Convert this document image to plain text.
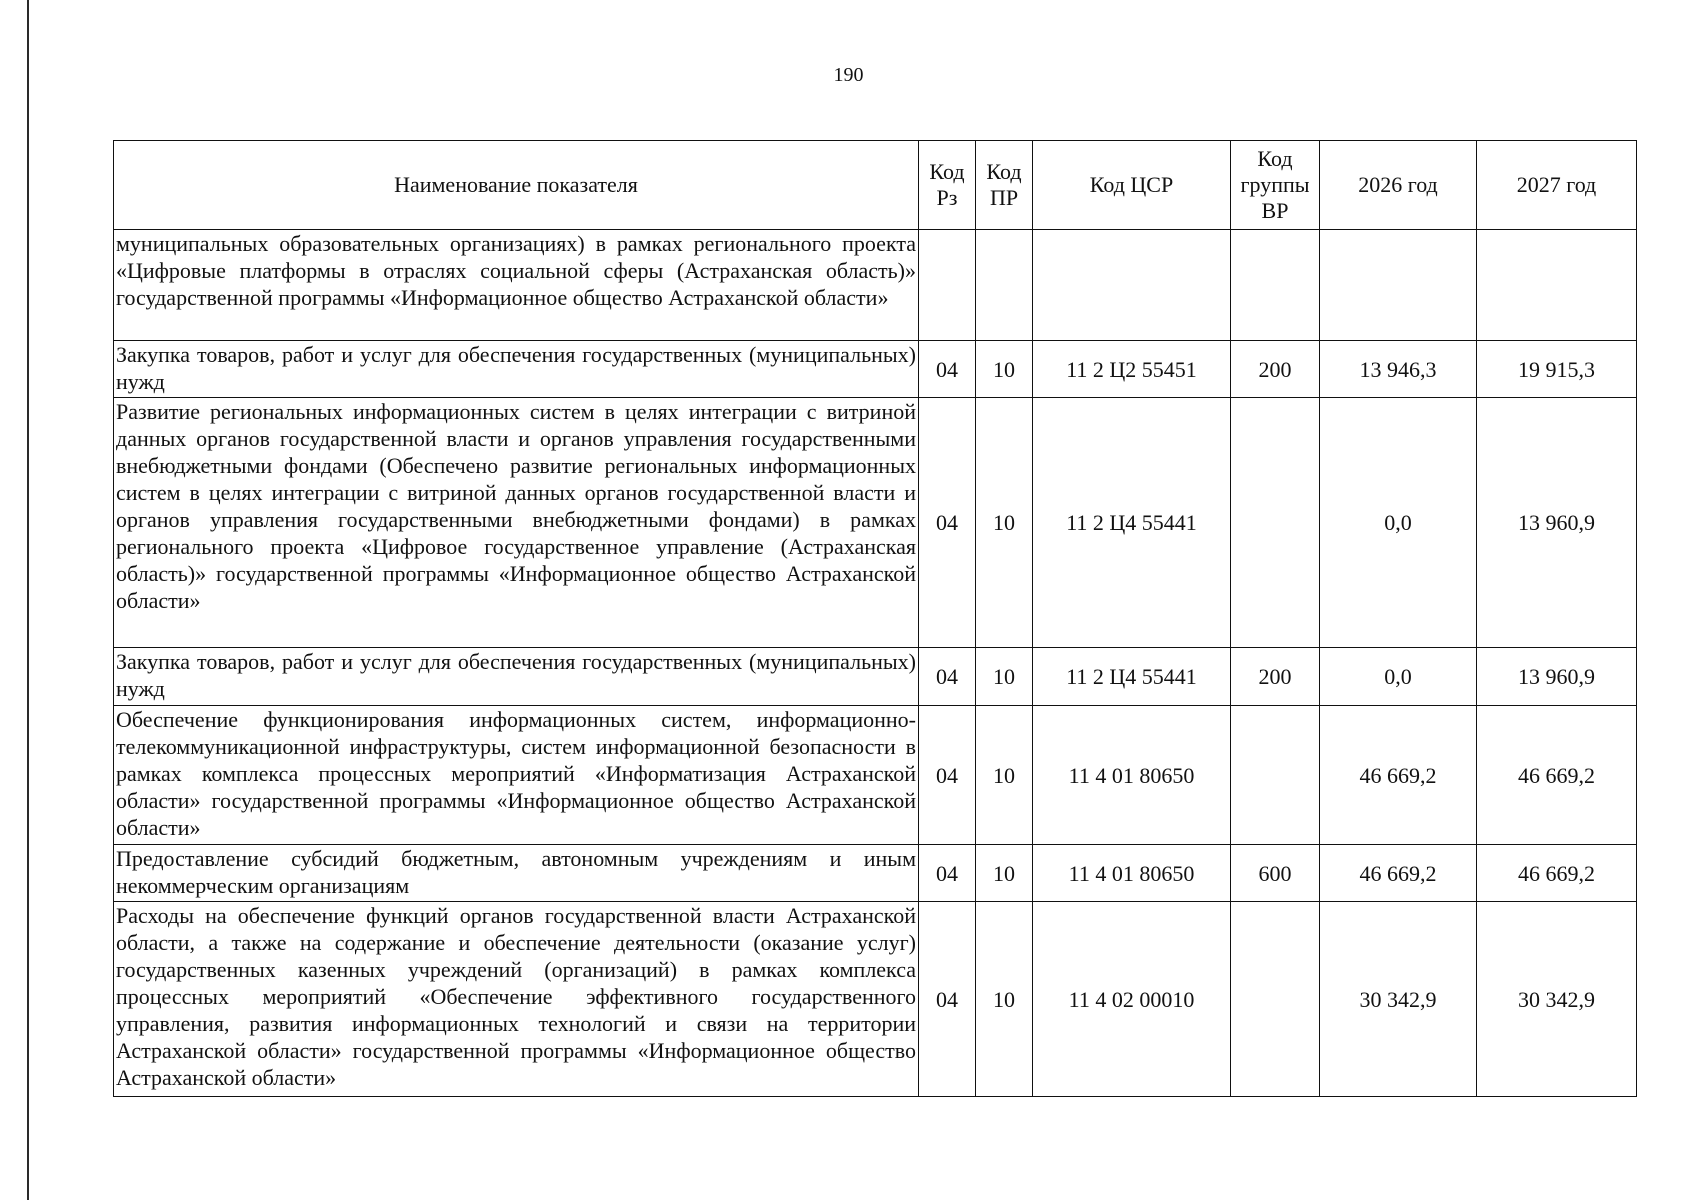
190
Наименование показателя	Код Рз	Код ПР	Код ЦСР	Код группы ВР	2026 год	2027 год
муниципальных образовательных организациях) в рамках регионального проекта «Цифровые платформы в отраслях социальной сферы (Астраханская область)» государственной программы «Информационное общество Астраханской области»						
Закупка товаров, работ и услуг для обеспечения государственных (муниципальных) нужд	04	10	11 2 Ц2 55451	200	13 946,3	19 915,3
Развитие региональных информационных систем в целях интеграции с витриной данных органов государственной власти и органов управления государственными внебюджетными фондами (Обеспечено развитие региональных информационных систем в целях интеграции с витриной данных органов государственной власти и органов управления государственными внебюджетными фондами) в рамках регионального проекта «Цифровое государственное управление (Астраханская область)» государственной программы «Информационное общество Астраханской области»	04	10	11 2 Ц4 55441		0,0	13 960,9
Закупка товаров, работ и услуг для обеспечения государственных (муниципальных) нужд	04	10	11 2 Ц4 55441	200	0,0	13 960,9
Обеспечение функционирования информационных систем, информационно-телекоммуникационной инфраструктуры, систем информационной безопасности в рамках комплекса процессных мероприятий «Информатизация Астраханской области» государственной программы «Информационное общество Астраханской области»	04	10	11 4 01 80650		46 669,2	46 669,2
Предоставление субсидий бюджетным, автономным учреждениям и иным некоммерческим организациям	04	10	11 4 01 80650	600	46 669,2	46 669,2
Расходы на обеспечение функций органов государственной власти Астраханской области, а также на содержание и обеспечение деятельности (оказание услуг) государственных казенных учреждений (организаций) в рамках комплекса процессных мероприятий «Обеспечение эффективного государственного управления, развития информационных технологий и связи на территории Астраханской области» государственной программы «Информационное общество Астраханской области»	04	10	11 4 02 00010		30 342,9	30 342,9
